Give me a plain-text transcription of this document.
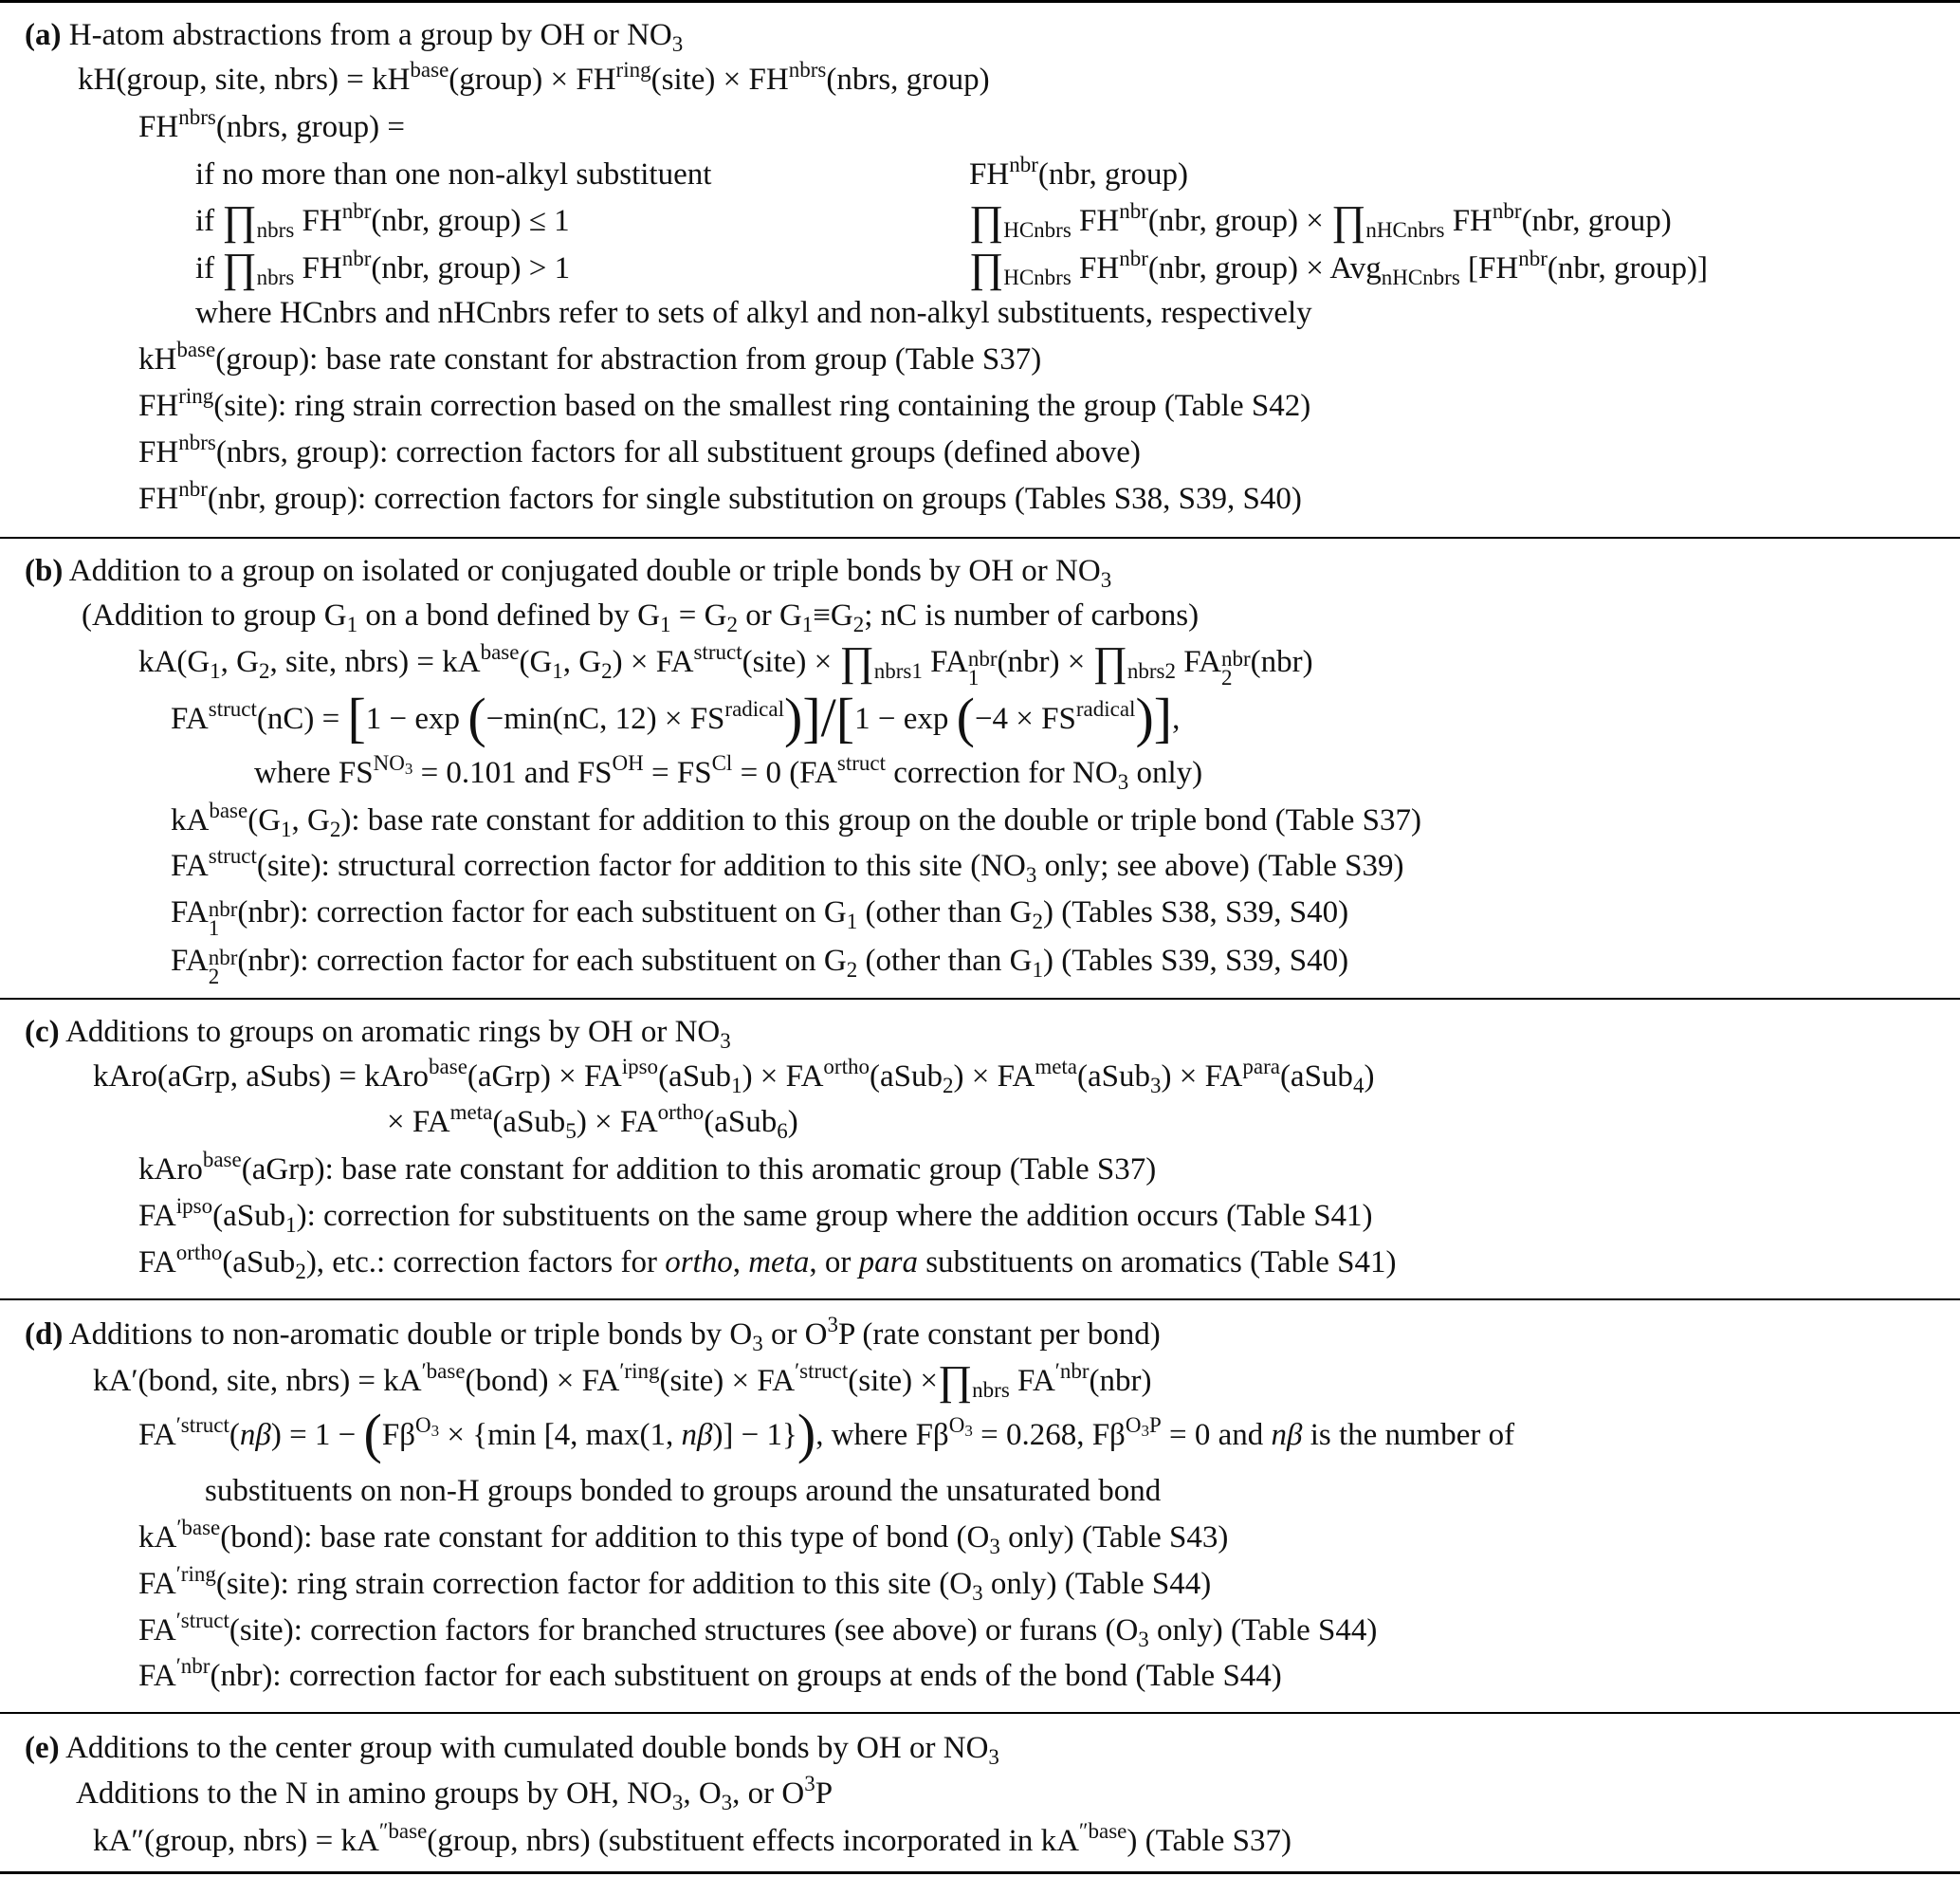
(a) H-atom abstractions from a group by OH or $NO_3$
kH(group, site, nbrs) = $kH^{base}(group)$ × $FH^{ring}(site)$ × $FH^{nbrs}(nbrs$, group)
$FH^{nbrs}(nbrs$, group) =
if no more than one non-alkyl substituent	$FH^{nbr}(nbr$, group)
if $\prod_{nbrs}$ $FH^{nbr}(nbr$, group) ≤ 1	$\prod_{HCnbrs}$ $FH^{nbr}(nbr$, group) × $\prod_{nHCnbrs}$ $FH^{nbr}(nbr$, group)
if $\prod_{nbrs}$ $FH^{nbr}(nbr$, group) > 1	$\prod_{HCnbrs}$ $FH^{nbr}(nbr$, group) × Avg$_{nHCnbrs}$ [$FH^{nbr}(nbr$, group)]
where HCnbrs and nHCnbrs refer to sets of alkyl and non-alkyl substituents, respectively
$kH^{base}(group)$: base rate constant for abstraction from group (Table S37)
$FH^{ring}(site)$: ring strain correction based on the smallest ring containing the group (Table S42)
$FH^{nbrs}(nbrs$, group): correction factors for all substituent groups (defined above)
$FH^{nbr}(nbr$, group): correction factors for single substitution on groups (Tables S38, S39, S40)
(b) Addition to a group on isolated or conjugated double or triple bonds by OH or $NO_3$
(Addition to group $G_1$ on a bond defined by $G_1 = G_2$ or $G_1\equiv G_2$; nC is number of carbons)
$kA(G_1$, $G_2$, site, nbrs) = $kA^{base}(G_1$, $G_2$) × $FA^{struct}(site)$ × $\prod_{nbrs1}$ FA nbr
1 $(nbr) \times \prod_{nbrs2}$ FA nbr
2 (nbr)
$FA^{struct}(nC) = [1 - \exp (-\min(nC$, $12) \times FS^{radical})]/[1 - \exp (-4 \times FS^{radical})]$,
where $FS^{NO_3} = 0.101$ and $FS^{OH} = FS^{Cl} = 0$ ($FA^{struct}$ correction for $NO_3$ only)
$kA^{base}(G_1$, $G_2$): base rate constant for addition to this group on the double or triple bond (Table S37)
$FA^{struct}(site)$: structural correction factor for addition to this site ($NO_3$ only; see above) (Table S39)
FA nbr
1 (nbr): correction factor for each substituent on $G_1$ (other than $G_2$) (Tables S38, S39, S40)
FA nbr
2 (nbr): correction factor for each substituent on $G_2$ (other than $G_1$) (Tables S39, S39, S40)
(c) Additions to groups on aromatic rings by OH or $NO_3$
kAro(aGrp, aSubs) = kAro$^{base}$(aGrp) × $FA^{ipso}(aSub_1)$ × $FA^{ortho}(aSub_2)$ × $FA^{meta}(aSub_3)$ × $FA^{para}(aSub_4)$
× $FA^{meta}(aSub_5)$ × $FA^{ortho}(aSub_6)$
kAro$^{base}$(aGrp): base rate constant for addition to this aromatic group (Table S37)
$FA^{ipso}(aSub_1)$: correction for substituents on the same group where the addition occurs (Table S41)
$FA^{ortho}(aSub_2)$, etc.: correction factors for ortho, meta, or para substituents on aromatics (Table S41)
(d) Additions to non-aromatic double or triple bonds by $O_3$ or $O^3P$ (rate constant per bond)
kA′(bond, site, nbrs) = $kA^{'base}(bond)$ × $FA^{'ring}(site)$ × $FA^{'struct}(site)$ $\times\prod_{nbrs}$ $FA^{'nbr}(nbr)$
$FA^{'struct}(n\beta) = 1 - (F\beta^{O_3} \times \{\min$ [4, max(1, nβ)] − 1}), where $F\beta^{O_3} = 0.268$, $F\beta^{O_3P} = 0$ and nβ is the number of
substituents on non-H groups bonded to groups around the unsaturated bond
$kA^{'base}(bond)$: base rate constant for addition to this type of bond ($O_3$ only) (Table S43)
$FA^{'ring}(site)$: ring strain correction factor for addition to this site ($O_3$ only) (Table S44)
$FA^{'struct}(site)$: correction factors for branched structures (see above) or furans ($O_3$ only) (Table S44)
$FA^{'nbr}(nbr)$: correction factor for each substituent on groups at ends of the bond (Table S44)
(e) Additions to the center group with cumulated double bonds by OH or $NO_3$
Additions to the N in amino groups by OH, $NO_3$, $O_3$, or $O^3P$
kA″(group, nbrs) = $kA^{''base}(group$, nbrs) (substituent effects incorporated in $kA^{''base}$) (Table S37)
